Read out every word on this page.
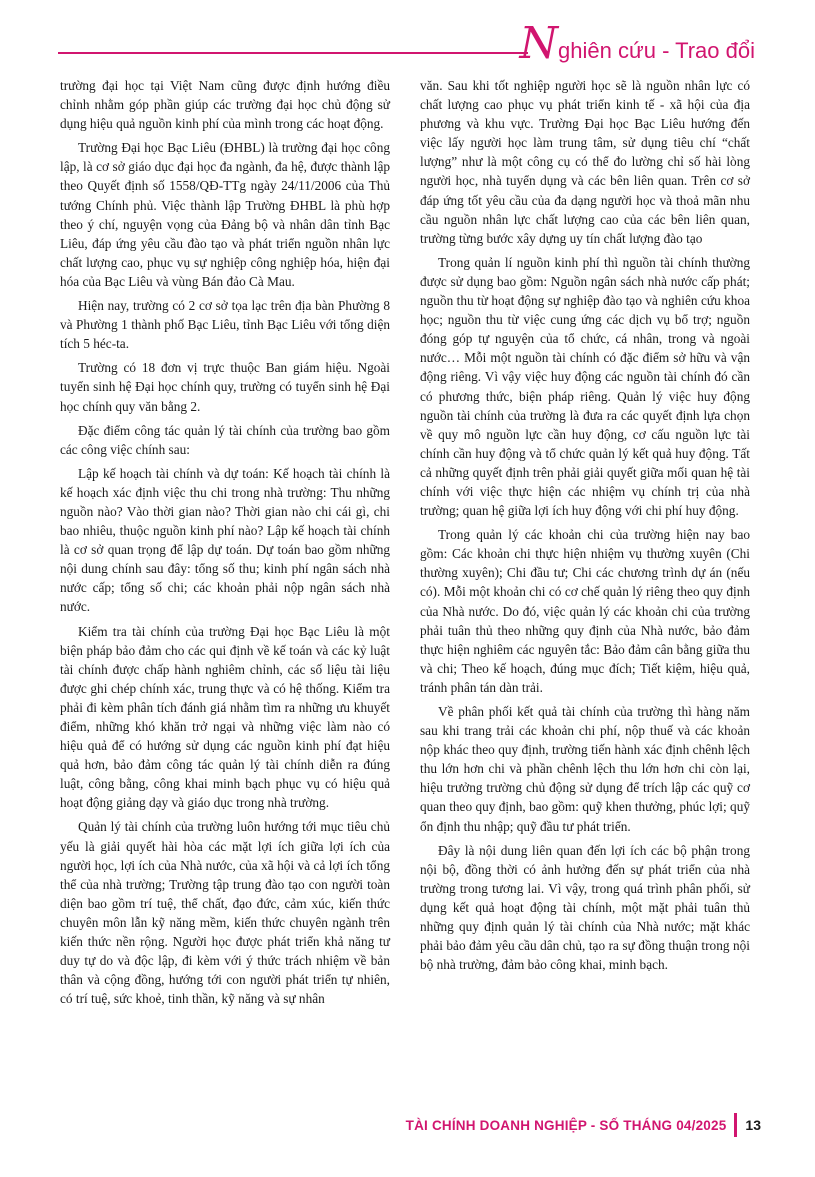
Nghiên cứu - Trao đổi

trường đại học tại Việt Nam cũng được định hướng điều chỉnh nhằm góp phần giúp các trường đại học chủ động sử dụng hiệu quả nguồn kinh phí của mình trong các hoạt động.

Trường Đại học Bạc Liêu (ĐHBL) là trường đại học công lập, là cơ sở giáo dục đại học đa ngành, đa hệ, được thành lập theo Quyết định số 1558/QĐ-TTg ngày 24/11/2006 của Thủ tướng Chính phủ. Việc thành lập Trường ĐHBL là phù hợp theo ý chí, nguyện vọng của Đảng bộ và nhân dân tỉnh Bạc Liêu, đáp ứng yêu cầu đào tạo và phát triển nguồn nhân lực chất lượng cao, phục vụ sự nghiệp công nghiệp hóa, hiện đại hóa của Bạc Liêu và vùng Bán đảo Cà Mau.

Hiện nay, trường có 2 cơ sở tọa lạc trên địa bàn Phường 8 và Phường 1 thành phố Bạc Liêu, tỉnh Bạc Liêu với tổng diện tích 5 héc-ta.

Trường có 18 đơn vị trực thuộc Ban giám hiệu. Ngoài tuyển sinh hệ Đại học chính quy, trường có tuyển sinh hệ Đại học chính quy văn bằng 2.

Đặc điểm công tác quản lý tài chính của trường bao gồm các công việc chính sau:

Lập kế hoạch tài chính và dự toán: Kế hoạch tài chính là kế hoạch xác định việc thu chi trong nhà trường: Thu những nguồn nào? Vào thời gian nào? Thời gian nào chi cái gì, chi bao nhiêu, thuộc nguồn kinh phí nào? Lập kế hoạch tài chính là cơ sở quan trọng để lập dự toán. Dự toán bao gồm những nội dung chính sau đây: tổng số thu; kinh phí ngân sách nhà nước cấp; tổng số chi; các khoản phải nộp ngân sách nhà nước.

Kiểm tra tài chính của trường Đại học Bạc Liêu là một biện pháp bảo đảm cho các qui định về kế toán và các kỷ luật tài chính được chấp hành nghiêm chỉnh, các số liệu tài liệu được ghi chép chính xác, trung thực và có hệ thống. Kiểm tra phải đi kèm phân tích đánh giá nhằm tìm ra những ưu khuyết điểm, những khó khăn trở ngại và những việc làm nào có hiệu quả để có hướng sử dụng các nguồn kinh phí đạt hiệu quả hơn, bảo đảm công tác quản lý tài chính diễn ra đúng luật, công bằng, công khai minh bạch phục vụ có hiệu quả hoạt động giảng dạy và giáo dục trong nhà trường.

Quản lý tài chính của trường luôn hướng tới mục tiêu chủ yếu là giải quyết hài hòa các mặt lợi ích giữa lợi ích của người học, lợi ích của Nhà nước, của xã hội và cả lợi ích tổng thể của nhà trường; Trường tập trung đào tạo con người toàn diện bao gồm trí tuệ, thể chất, đạo đức, cảm xúc, kiến thức chuyên môn lẫn kỹ năng mềm, kiến thức chuyên ngành trên kiến thức nền rộng. Người học được phát triển khả năng tư duy tự do và độc lập, đi kèm với ý thức trách nhiệm về bản thân và cộng đồng, hướng tới con người phát triển tự nhiên, có trí tuệ, sức khoẻ, tinh thần, kỹ năng và sự nhân

văn. Sau khi tốt nghiệp người học sẽ là nguồn nhân lực có chất lượng cao phục vụ phát triển kinh tế - xã hội của địa phương và khu vực. Trường Đại học Bạc Liêu hướng đến việc lấy người học làm trung tâm, sử dụng tiêu chí “chất lượng” như là một công cụ có thể đo lường chỉ số hài lòng người học, nhà tuyển dụng và các bên liên quan. Trên cơ sở đáp ứng tốt yêu cầu của đa dạng người học và thoả mãn nhu cầu nguồn nhân lực chất lượng cao của các bên liên quan, trường từng bước xây dựng uy tín chất lượng đào tạo

Trong quản lí nguồn kinh phí thì nguồn tài chính thường được sử dụng bao gồm: Nguồn ngân sách nhà nước cấp phát; nguồn thu từ hoạt động sự nghiệp đào tạo và nghiên cứu khoa học; nguồn thu từ việc cung ứng các dịch vụ bổ trợ; nguồn đóng góp tự nguyện của tổ chức, cá nhân, trong và ngoài nước… Mỗi một nguồn tài chính có đặc điểm sở hữu và vận động riêng. Vì vậy việc huy động các nguồn tài chính đó cần có phương thức, biện pháp riêng. Quản lý việc huy động nguồn tài chính của trường là đưa ra các quyết định lựa chọn về quy mô nguồn lực cần huy động, cơ cấu nguồn lực tài chính cần huy động và tổ chức quản lý kết quả huy động. Tất cả những quyết định trên phải giải quyết giữa mối quan hệ tài chính với việc thực hiện các nhiệm vụ chính trị của nhà trường; quan hệ giữa lợi ích huy động với chi phí huy động.

Trong quản lý các khoản chi của trường hiện nay bao gồm: Các khoản chi thực hiện nhiệm vụ thường xuyên (Chi thường xuyên); Chi đầu tư; Chi các chương trình dự án (nếu có). Mỗi một khoản chi có cơ chế quản lý riêng theo quy định của Nhà nước. Do đó, việc quản lý các khoản chi của trường phải tuân thủ theo những quy định của Nhà nước, bảo đảm thực hiện nghiêm các nguyên tắc: Bảo đảm cân bằng giữa thu và chi; Theo kế hoạch, đúng mục đích; Tiết kiệm, hiệu quả, tránh phân tán dàn trải.

Về phân phối kết quả tài chính của trường thì hàng năm sau khi trang trải các khoản chi phí, nộp thuế và các khoản nộp khác theo quy định, trường tiến hành xác định chênh lệch thu lớn hơn chi và phần chênh lệch thu lớn hơn chi còn lại, hiệu trưởng trường chủ động sử dụng để trích lập các quỹ cơ quan theo quy định, bao gồm: quỹ khen thưởng, phúc lợi; quỹ ổn định thu nhập; quỹ đầu tư phát triển.

Đây là nội dung liên quan đến lợi ích các bộ phận trong nội bộ, đồng thời có ảnh hưởng đến sự phát triển của nhà trường trong tương lai. Vì vậy, trong quá trình phân phối, sử dụng kết quả hoạt động tài chính, một mặt phải tuân thủ những quy định quản lý tài chính của Nhà nước; mặt khác phải bảo đảm yêu cầu dân chủ, tạo ra sự đồng thuận trong nội bộ nhà trường, đảm bảo công khai, minh bạch.

TÀI CHÍNH DOANH NGHIỆP - SỐ THÁNG 04/2025 13
